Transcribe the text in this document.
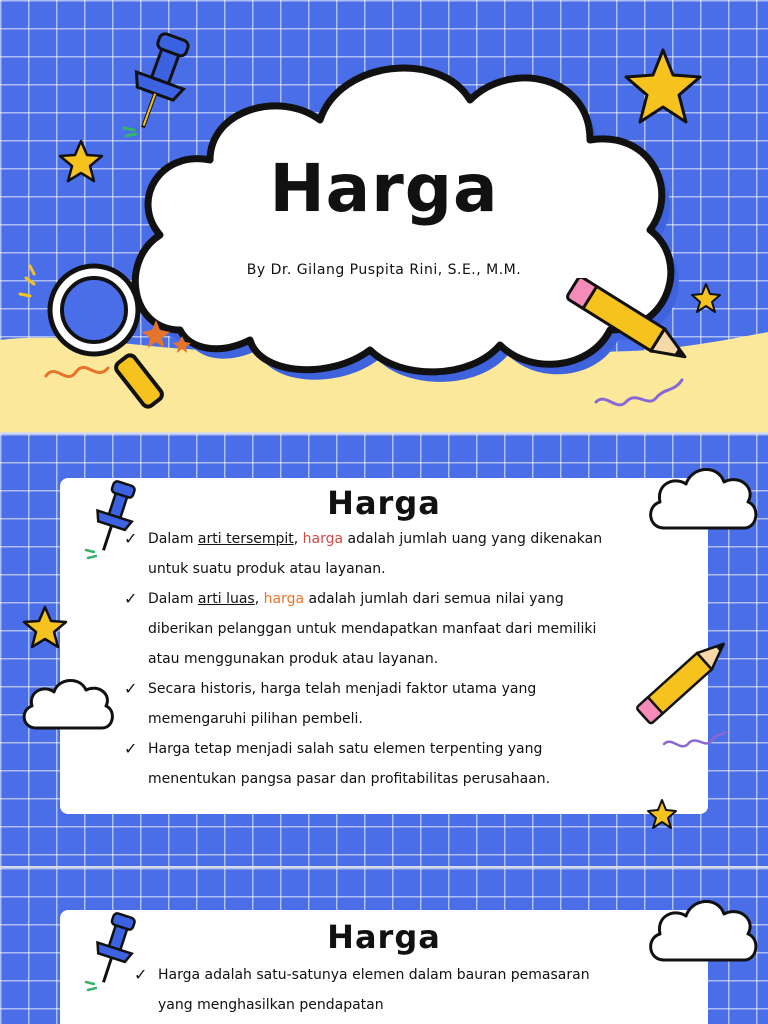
Harga
By Dr. Gilang Puspita Rini, S.E., M.M.
Harga
✓ Dalam arti tersempit, harga adalah jumlah uang yang dikenakan
untuk suatu produk atau layanan.
✓ Dalam arti luas, harga adalah jumlah dari semua nilai yang
diberikan pelanggan untuk mendapatkan manfaat dari memiliki
atau menggunakan produk atau layanan.
✓ Secara historis, harga telah menjadi faktor utama yang
memengaruhi pilihan pembeli.
✓ Harga tetap menjadi salah satu elemen terpenting yang
menentukan pangsa pasar dan profitabilitas perusahaan.
Harga
✓ Harga adalah satu-satunya elemen dalam bauran pemasaran
yang menghasilkan pendapatan
